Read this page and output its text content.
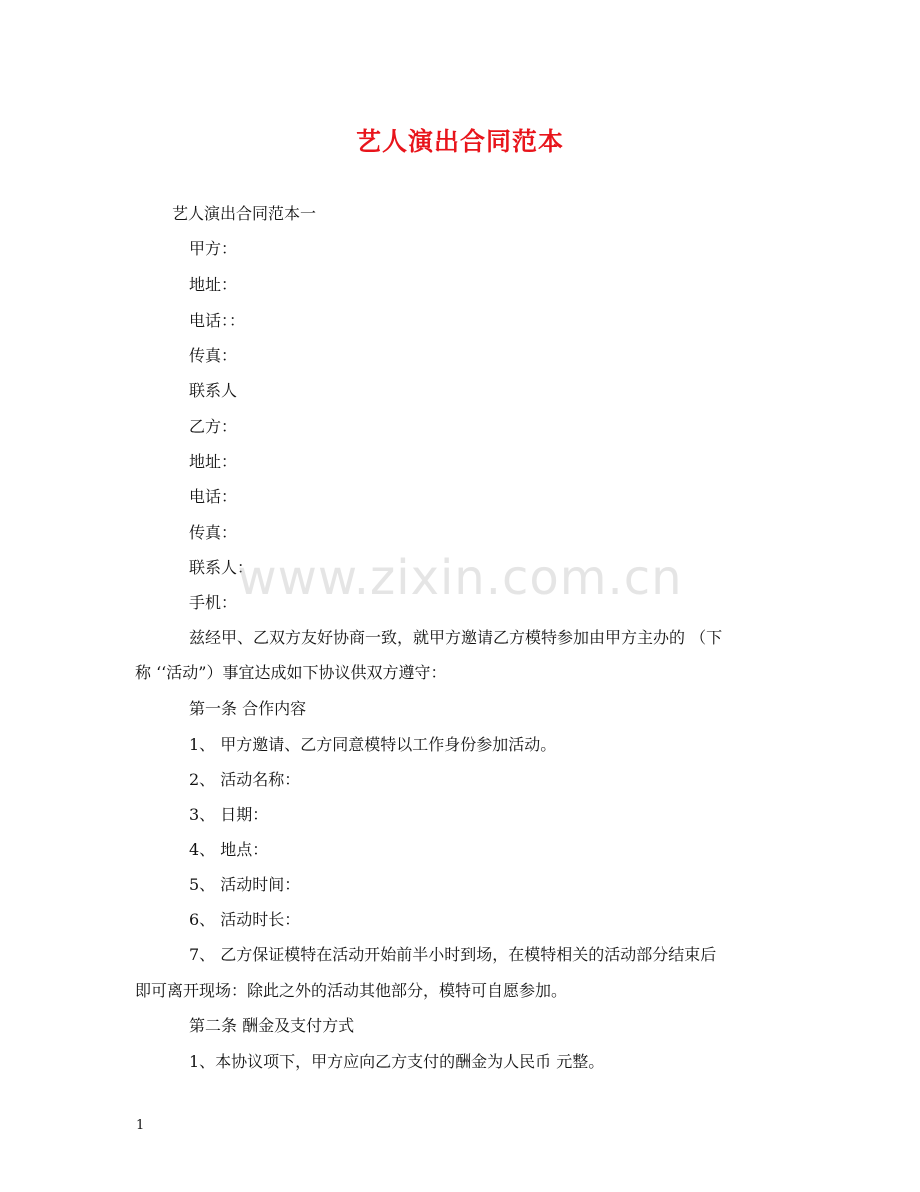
艺人演出合同范本
艺人演出合同范本一
甲方：
地址：
电话：：
传真：
联系人
乙方：
地址：
电话：
传真：
联系人：
手机：
兹经甲、乙双方友好协商一致，就甲方邀请乙方模特参加由甲方主办的 （下
称 ‘‘活动”）事宜达成如下协议供双方遵守：
第一条 合作内容
1、 甲方邀请、乙方同意模特以工作身份参加活动。
2、 活动名称：
3、 日期：
4、 地点：
5、 活动时间：
6、 活动时长：
7、 乙方保证模特在活动开始前半小时到场，在模特相关的活动部分结束后
即可离开现场：除此之外的活动其他部分，模特可自愿参加。
第二条 酬金及支付方式
1、本协议项下，甲方应向乙方支付的酬金为人民币 元整。
www.zixin.com.cn
1
